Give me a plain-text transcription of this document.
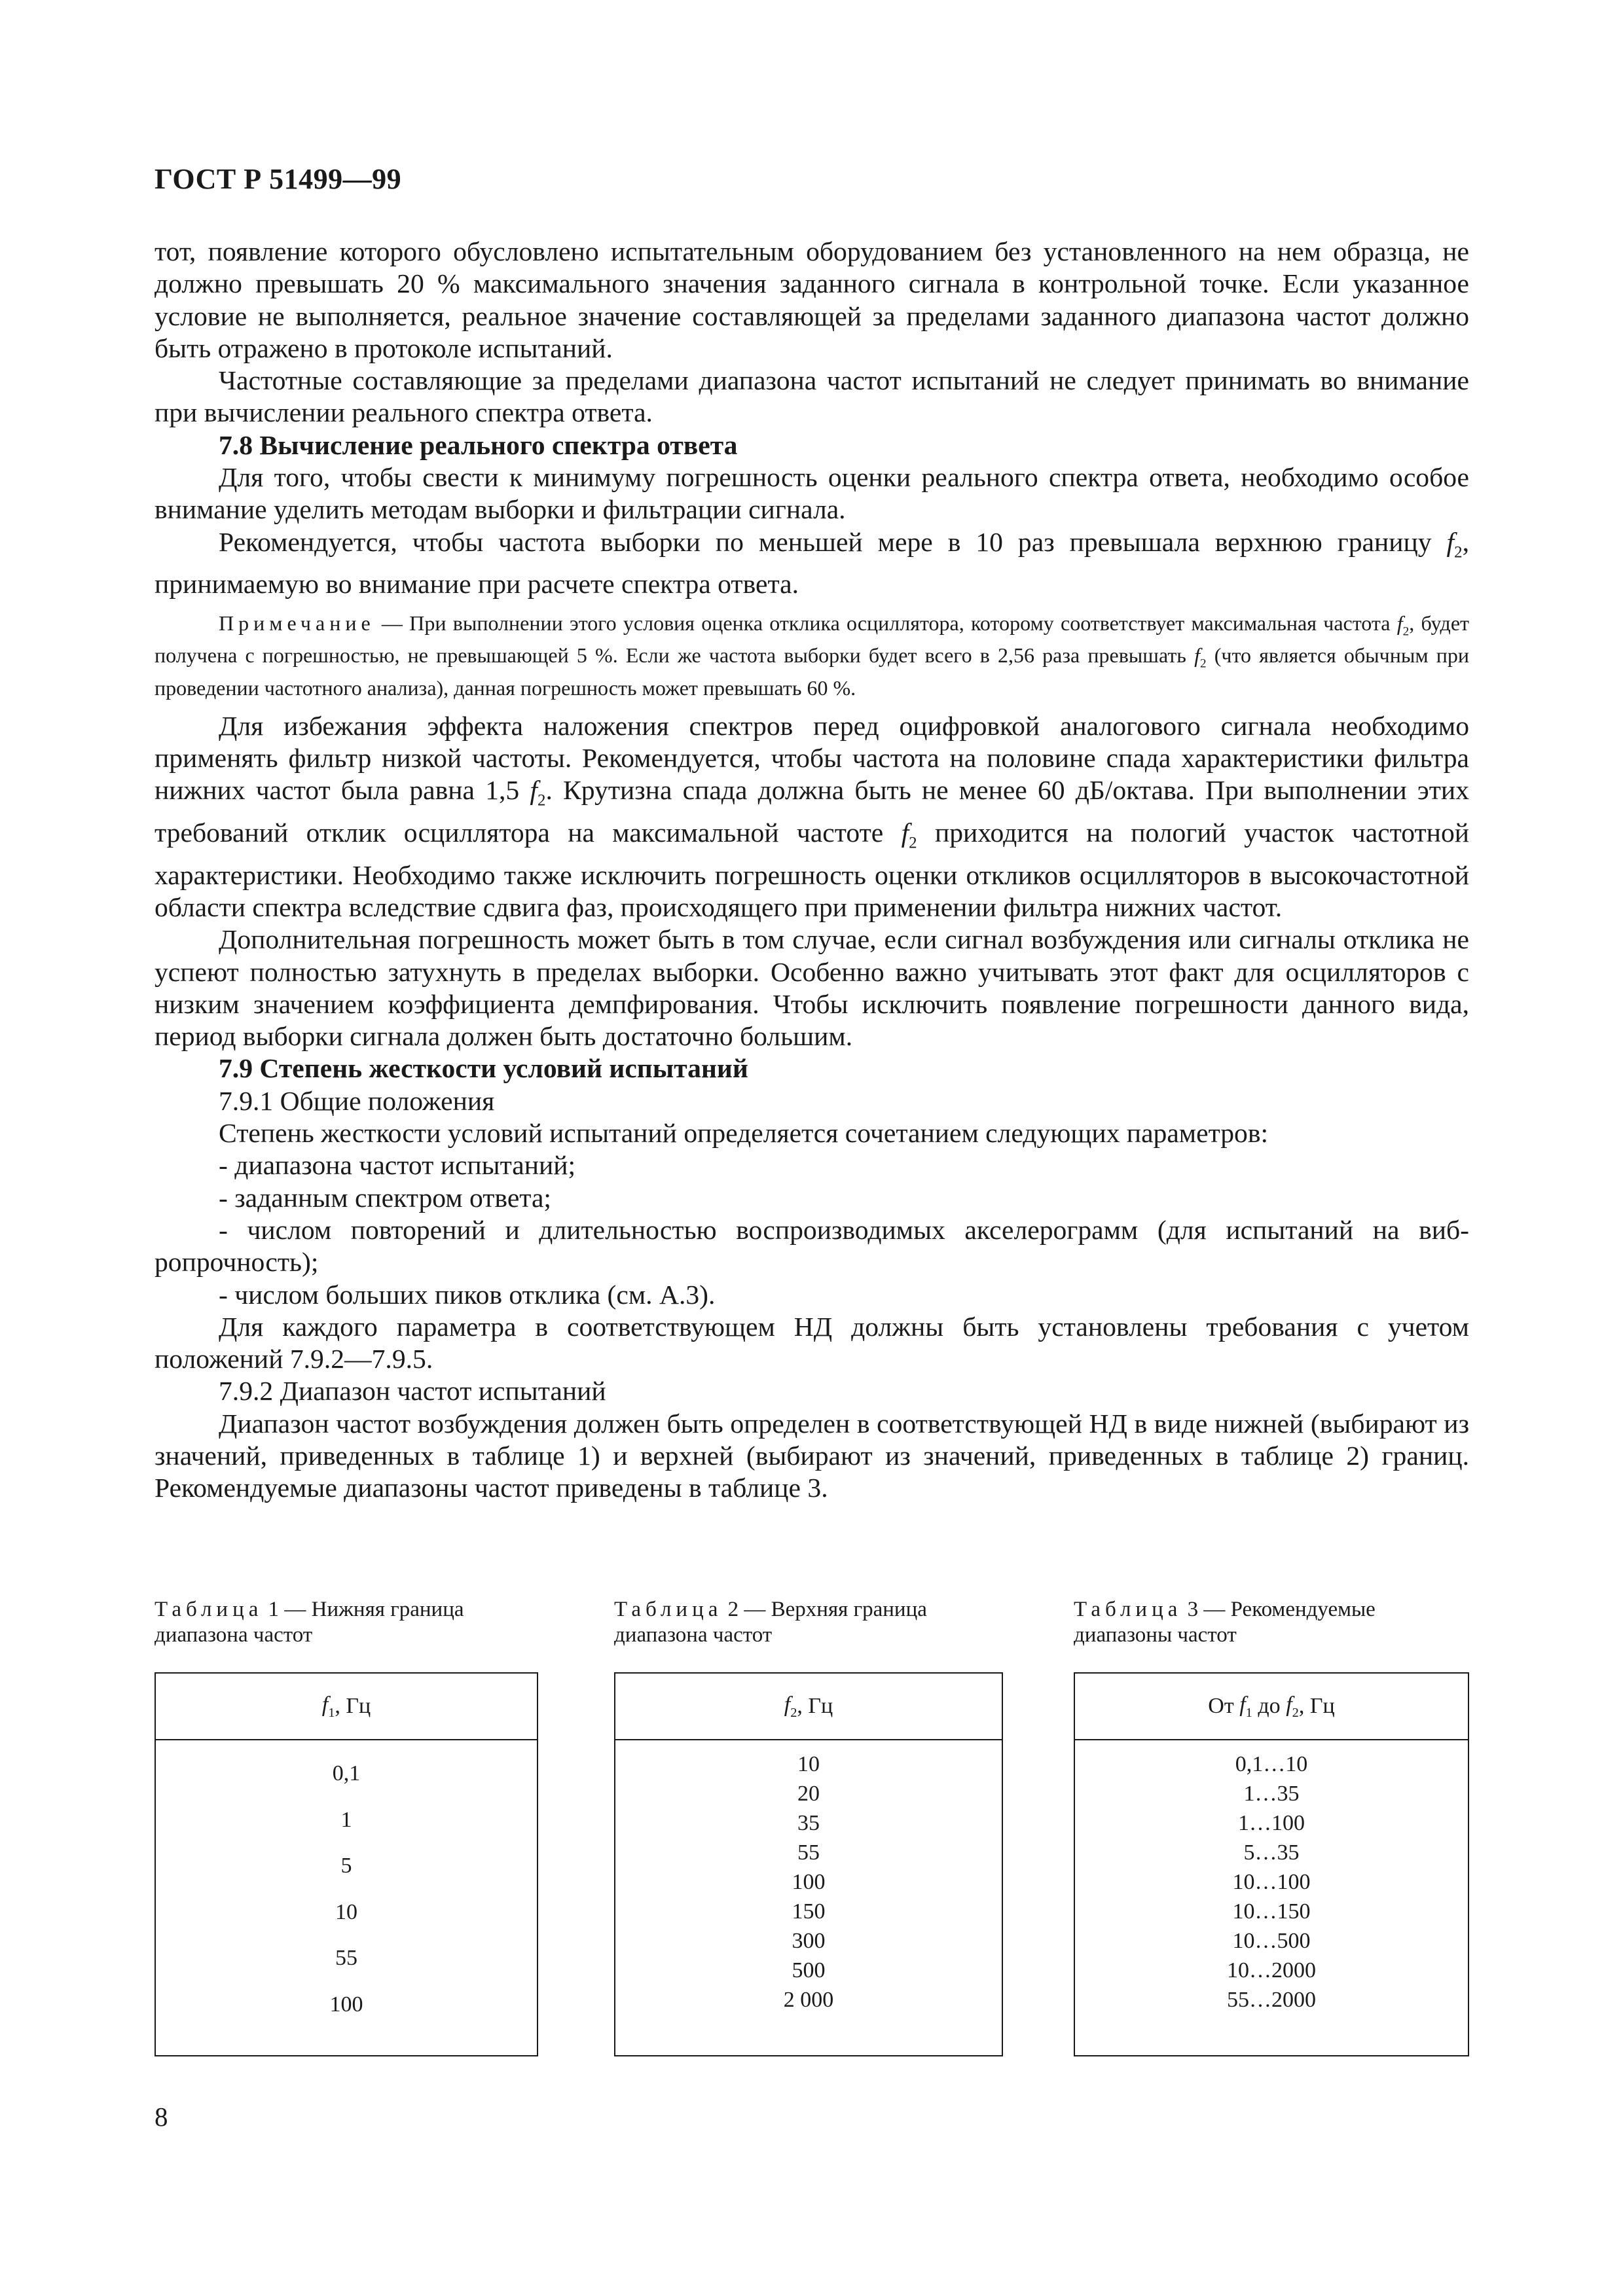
ГОСТ Р 51499—99

тот, появление которого обусловлено испытательным оборудованием без установленного на нем образца, не должно превышать 20 % максимального значения заданного сигнала в контрольной точке. Если указанное условие не выполняется, реальное значение составляющей за пределами заданного диапазона частот должно быть отражено в протоколе испытаний.

Частотные составляющие за пределами диапазона частот испытаний не следует принимать во внимание при вычислении реального спектра ответа.

7.8 Вычисление реального спектра ответа

Для того, чтобы свести к минимуму погрешность оценки реального спектра ответа, необходимо особое внимание уделить методам выборки и фильтрации сигнала.

Рекомендуется, чтобы частота выборки по меньшей мере в 10 раз превышала верхнюю границу $f_2$, принимаемую во внимание при расчете спектра ответа.

Примечание — При выполнении этого условия оценка отклика осциллятора, которому соответствует максимальная частота $f_2$, будет получена с погрешностью, не превышающей 5 %. Если же частота выборки будет всего в 2,56 раза превышать $f_2$ (что является обычным при проведении частотного анализа), данная погрешность может превышать 60 %.

Для избежания эффекта наложения спектров перед оцифровкой аналогового сигнала необходимо применять фильтр низкой частоты. Рекомендуется, чтобы частота на половине спада характеристики фильтра нижних частот была равна 1,5 $f_2$. Крутизна спада должна быть не менее 60 дБ/октава. При выполнении этих требований отклик осциллятора на максимальной частоте $f_2$ приходится на пологий участок частотной характеристики. Необходимо также исключить погрешность оценки откликов осцилляторов в высокочастотной области спектра вследствие сдвига фаз, происходящего при применении фильтра нижних частот.

Дополнительная погрешность может быть в том случае, если сигнал возбуждения или сигналы отклика не успеют полностью затухнуть в пределах выборки. Особенно важно учитывать этот факт для осцилляторов с низким значением коэффициента демпфирования. Чтобы исключить появление погрешности данного вида, период выборки сигнала должен быть достаточно большим.

7.9 Степень жесткости условий испытаний

7.9.1 Общие положения

Степень жесткости условий испытаний определяется сочетанием следующих параметров:

- диапазона частот испытаний;

- заданным спектром ответа;

- числом повторений и длительностью воспроизводимых акселерограмм (для испытаний на вибропрочность);

- числом больших пиков отклика (см. А.3).

Для каждого параметра в соответствующем НД должны быть установлены требования с учетом положений 7.9.2—7.9.5.

7.9.2 Диапазон частот испытаний

Диапазон частот возбуждения должен быть определен в соответствующей НД в виде нижней (выбирают из значений, приведенных в таблице 1) и верхней (выбирают из значений, приведенных в таблице 2) границ. Рекомендуемые диапазоны частот приведены в таблице 3.

Таблица 1 — Нижняя граница диапазона частот
$f_1$ , Гц
0,1
1
5
10
55
100
Таблица 2 — Верхняя граница диапазона частот
$f_2$ , Гц
10
20
35
55
100
150
300
500
2 000
Таблица 3 — Рекомендуемые диапазоны частот
От
$f_1$
до
$f_2$ , Гц
0,1…10
1…35
1…100
5…35
10…100
10…150
10…500
10…2000
55…2000
8
